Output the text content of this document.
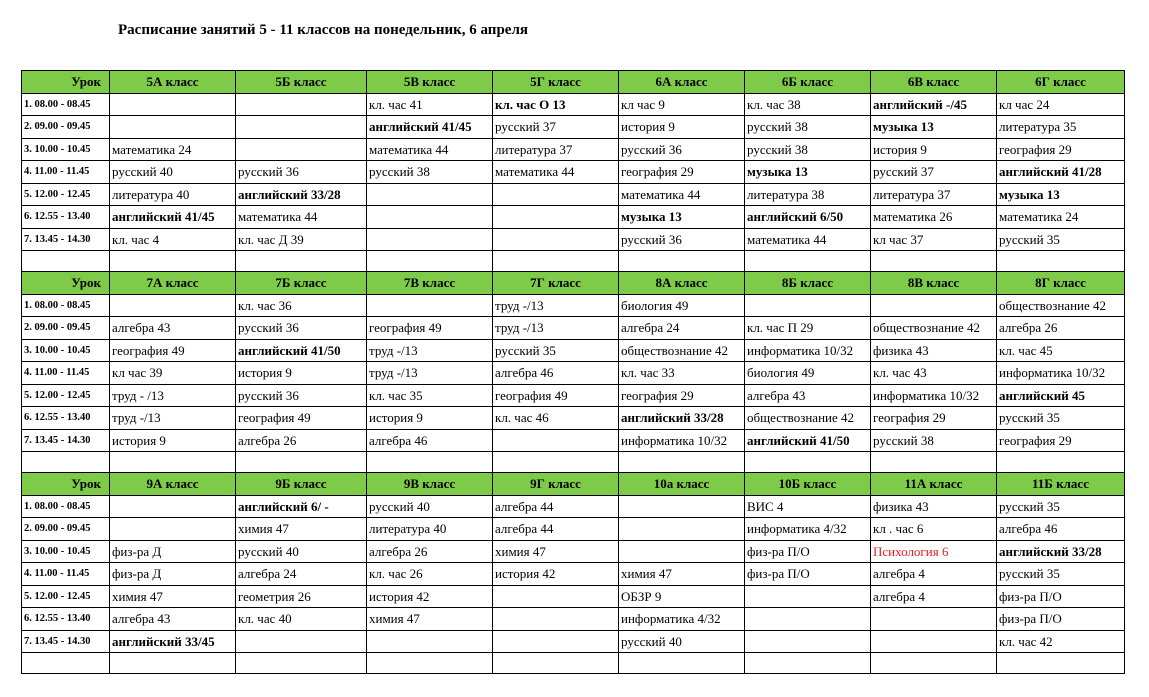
Расписание занятий 5 - 11 классов на понедельник, 6 апреля
Урок	5А класс	5Б класс	5В класс	5Г класс	6А класс	6Б класс	6В класс	6Г класс
1. 08.00 - 08.45			кл. час 41	кл. час О 13	кл час 9	кл. час 38	английский -/45	кл час 24
2. 09.00 - 09.45			английский 41/45	русский 37	история 9	русский 38	музыка 13	литература 35
3. 10.00 - 10.45	математика 24		математика 44	литература 37	русский 36	русский 38	история 9	география 29
4. 11.00 - 11.45	русский 40	русский 36	русский 38	математика 44	география 29	музыка 13	русский 37	английский 41/28
5. 12.00 - 12.45	литература 40	английский 33/28			математика 44	литература 38	литература 37	музыка 13
6. 12.55 - 13.40	английский 41/45	математика 44			музыка 13	английский 6/50	математика 26	математика 24
7. 13.45 - 14.30	кл. час 4	кл. час Д 39			русский 36	математика 44	кл час 37	русский 35

Урок	7А класс	7Б класс	7В класс	7Г класс	8А класс	8Б класс	8В класс	8Г класс
1. 08.00 - 08.45		кл. час 36		труд -/13	биология 49			обществознание 42
2. 09.00 - 09.45	алгебра 43	русский 36	география 49	труд -/13	алгебра 24	кл. час П 29	обществознание 42	алгебра 26
3. 10.00 - 10.45	география 49	английский 41/50	труд -/13	русский 35	обществознание 42	информатика 10/32	физика 43	кл. час 45
4. 11.00 - 11.45	кл час 39	история 9	труд -/13	алгебра 46	кл. час 33	биология 49	кл. час 43	информатика 10/32
5. 12.00 - 12.45	труд - /13	русский 36	кл. час 35	география 49	география 29	алгебра 43	информатика 10/32	английский 45
6. 12.55 - 13.40	труд -/13	география 49	история 9	кл. час 46	английский 33/28	обществознание 42	география 29	русский 35
7. 13.45 - 14.30	история 9	алгебра 26	алгебра 46		информатика 10/32	английский 41/50	русский 38	география 29

Урок	9А класс	9Б класс	9В класс	9Г класс	10а класс	10Б класс	11А класс	11Б класс
1. 08.00 - 08.45		английский 6/ -	русский 40	алгебра 44		ВИС 4	физика 43	русский 35
2. 09.00 - 09.45		химия 47	литература 40	алгебра 44		информатика 4/32	кл . час 6	алгебра 46
3. 10.00 - 10.45	физ-ра Д	русский 40	алгебра 26	химия 47		физ-ра П/О	Психология 6	английский 33/28
4. 11.00 - 11.45	физ-ра Д	алгебра 24	кл. час 26	история 42	химия 47	физ-ра П/О	алгебра 4	русский 35
5. 12.00 - 12.45	химия 47	геометрия 26	история 42		ОБЗР 9		алгебра 4	физ-ра П/О
6. 12.55 - 13.40	алгебра 43	кл. час 40	химия 47		информатика 4/32			физ-ра П/О
7. 13.45 - 14.30	английский 33/45				русский 40			кл. час 42
